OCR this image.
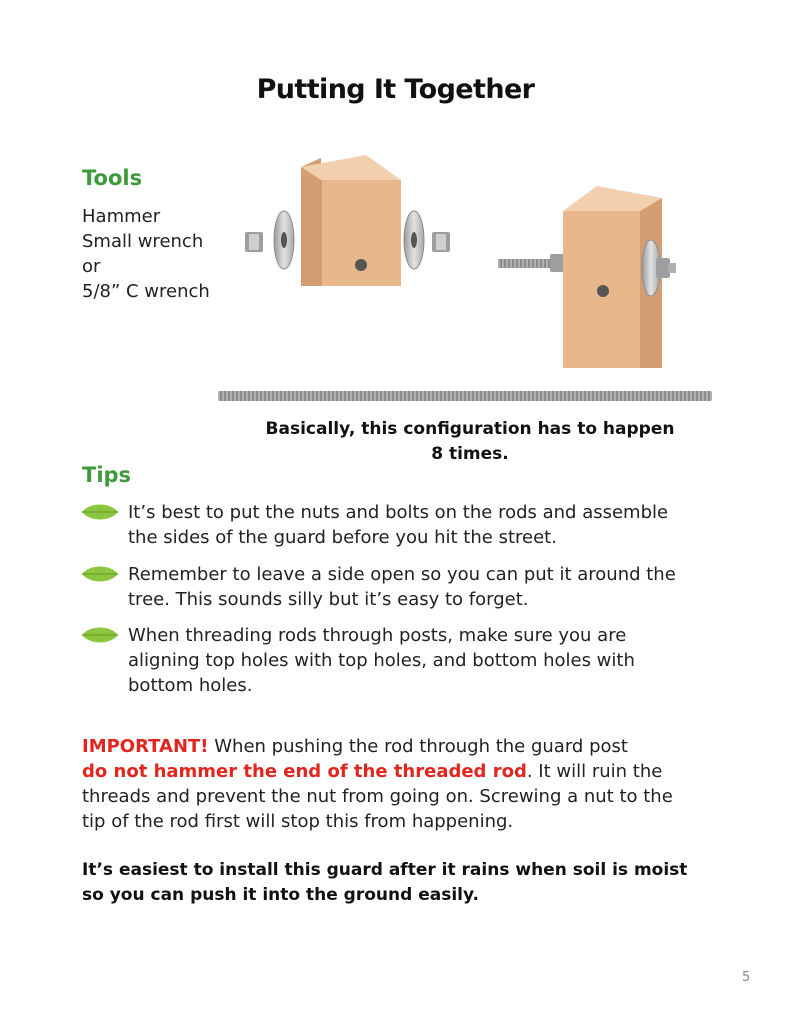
Putting It Together
Tools
Hammer
Small wrench
or
5/8” C wrench
Basically, this configuration has to happen
8 times.
Tips
It’s best to put the nuts and bolts on the rods and assemble
the sides of the guard before you hit the street.
Remember to leave a side open so you can put it around the
tree. This sounds silly but it’s easy to forget.
When threading rods through posts, make sure you are
aligning top holes with top holes, and bottom holes with
bottom holes.
IMPORTANT! When pushing the rod through the guard post
do not hammer the end of the threaded rod. It will ruin the
threads and prevent the nut from going on. Screwing a nut to the
tip of the rod first will stop this from happening.
It’s easiest to install this guard after it rains when soil is moist
so you can push it into the ground easily.
5
